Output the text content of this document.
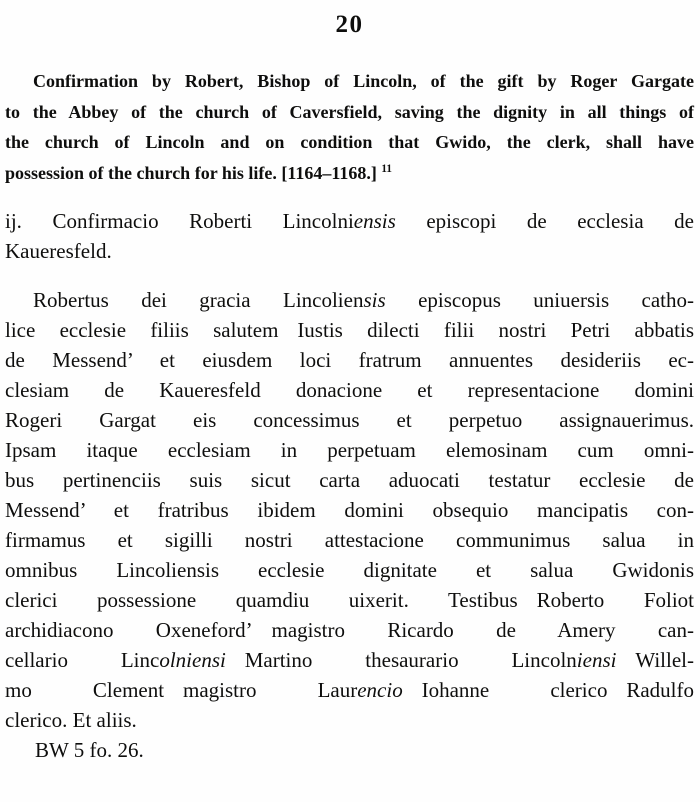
20
Confirmation by Robert, Bishop of Lincoln, of the gift by Roger Gargate
to the Abbey of the church of Caversfield, saving the dignity in all things of
the church of Lincoln and on condition that Gwido, the clerk, shall have
possession of the church for his life. [1164–1168.] $^{11}$
ij. Confirmacio Roberti Lincolniensis episcopi de ecclesia de
Kaueresfeld.
Robertus dei gracia Lincoliensis episcopus uniuersis catho-
lice ecclesie filiis salutem Iustis dilecti filii nostri Petri abbatis
de Messend’ et eiusdem loci fratrum annuentes desideriis ec-
clesiam de Kaueresfeld donacione et representacione domini
Rogeri Gargat eis concessimus et perpetuo assignauerimus.
Ipsam itaque ecclesiam in perpetuam elemosinam cum omni-
bus pertinenciis suis sicut carta aduocati testatur ecclesie de
Messend’ et fratribus ibidem domini obsequio mancipatis con-
firmamus et sigilli nostri attestacione communimus salua in
omnibus Lincoliensis ecclesie dignitate et salua Gwidonis
clerici possessione quamdiu uixerit. Testibus Roberto Foliot
archidiacono Oxeneford’ magistro Ricardo de Amery can-
cellario Lincolniensi Martino thesaurario Lincolniensi Willel-
mo Clement magistro Laurencio Iohanne clerico Radulfo
clerico. Et aliis.
BW 5 fo. 26.
